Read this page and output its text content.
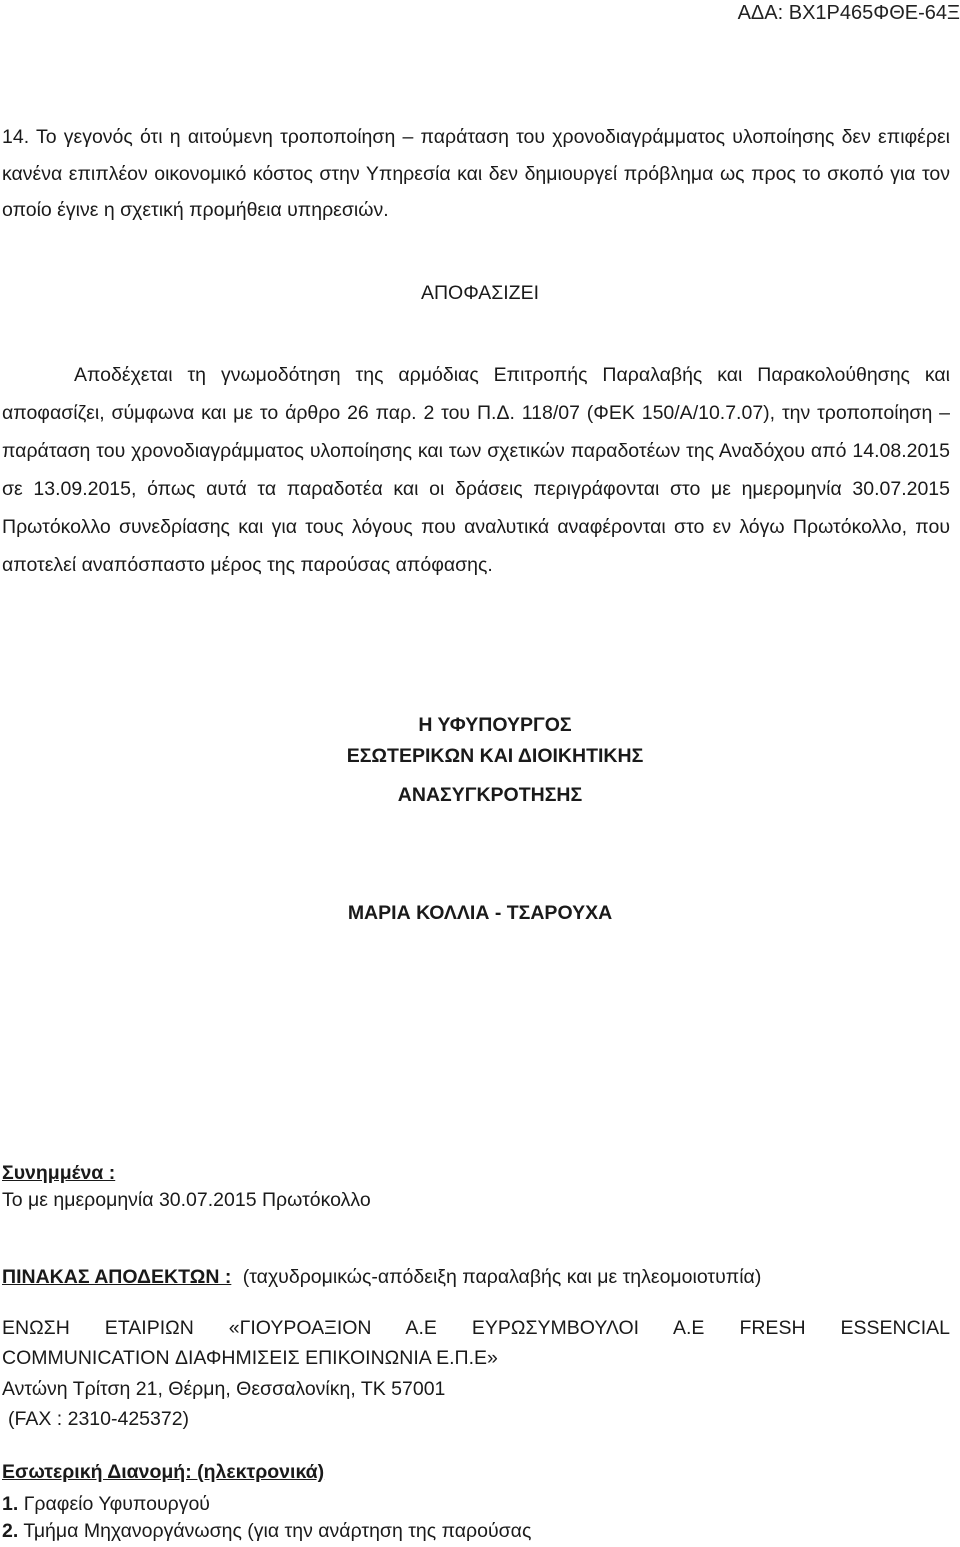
ΑΔΑ: ΒΧ1Ρ465ΦΘΕ-64Ξ
14. Το γεγονός ότι η αιτούμενη τροποποίηση – παράταση του χρονοδιαγράμματος υλοποίησης δεν επιφέρει κανένα επιπλέον οικονομικό κόστος στην Υπηρεσία και δεν δημιουργεί πρόβλημα ως προς το σκοπό για τον οποίο έγινε η σχετική προμήθεια υπηρεσιών.
ΑΠΟΦΑΣΙΖΕΙ
Αποδέχεται τη γνωμοδότηση της αρμόδιας Επιτροπής Παραλαβής και Παρακολούθησης και αποφασίζει, σύμφωνα και με το άρθρο 26 παρ. 2 του Π.Δ. 118/07 (ΦΕΚ 150/Α/10.7.07), την τροποποίηση – παράταση του χρονοδιαγράμματος υλοποίησης και των σχετικών παραδοτέων της Αναδόχου από 14.08.2015 σε 13.09.2015, όπως αυτά τα παραδοτέα και οι δράσεις περιγράφονται στο με ημερομηνία 30.07.2015 Πρωτόκολλο συνεδρίασης και για τους λόγους που αναλυτικά αναφέρονται στο εν λόγω Πρωτόκολλο, που αποτελεί αναπόσπαστο μέρος της παρούσας απόφασης.
Η ΥΦΥΠΟΥΡΓΟΣ
ΕΣΩΤΕΡΙΚΩΝ ΚΑΙ ΔΙΟΙΚΗΤΙΚΗΣ
ΑΝΑΣΥΓΚΡΟΤΗΣΗΣ
ΜΑΡΙΑ ΚΟΛΛΙΑ - ΤΣΑΡΟΥΧΑ
Συνημμένα :
Το με ημερομηνία 30.07.2015 Πρωτόκολλο
ΠΙΝΑΚΑΣ ΑΠΟΔΕΚΤΩΝ : (ταχυδρομικώς-απόδειξη παραλαβής και με τηλεομοιοτυπία)
ΕΝΩΣΗ ΕΤΑΙΡΙΩΝ «ΓΙΟΥΡΟΑΞΙΟΝ Α.Ε ΕΥΡΩΣΥΜΒΟΥΛΟΙ Α.Ε FRESH ESSENCIAL
COMMUNICATION ΔΙΑΦΗΜΙΣΕΙΣ ΕΠΙΚΟΙΝΩΝΙΑ Ε.Π.Ε»
Αντώνη Τρίτση 21, Θέρμη, Θεσσαλονίκη, ΤΚ 57001
(FAX : 2310-425372)
Εσωτερική Διανομή: (ηλεκτρονικά)
1. Γραφείο Υφυπουργού
2. Τμήμα Μηχανοργάνωσης (για την ανάρτηση της παρούσας
